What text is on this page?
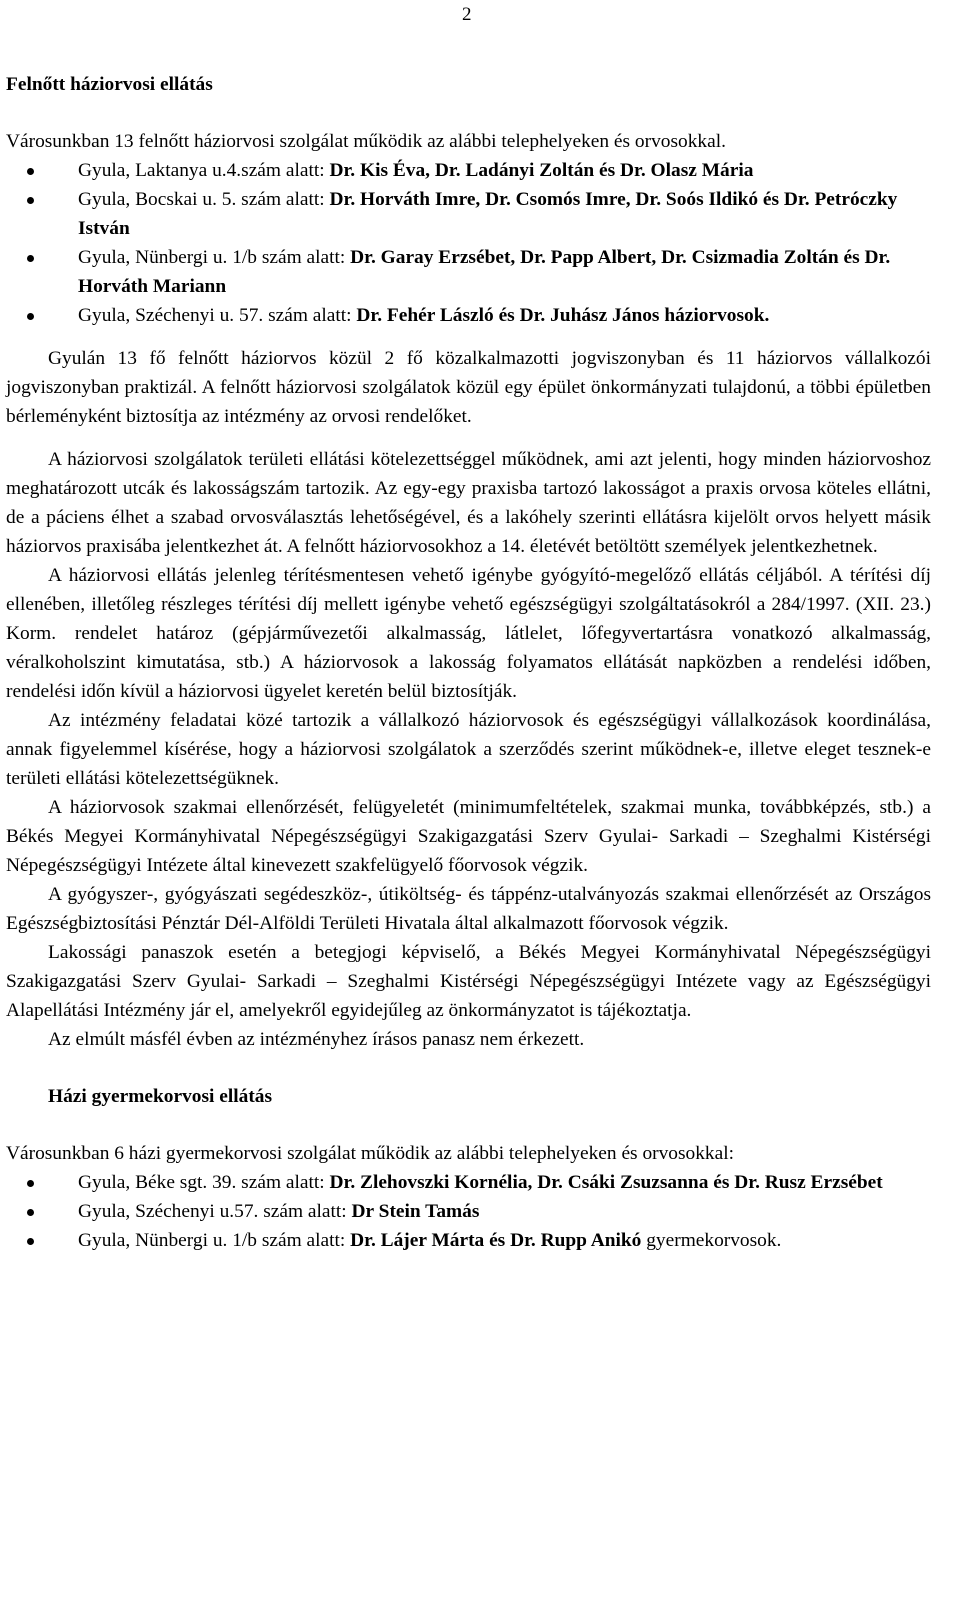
2
Felnőtt háziorvosi ellátás

Városunkban 13 felnőtt háziorvosi szolgálat működik az alábbi telephelyeken és orvosokkal.

Gyula, Laktanya u.4.szám alatt: Dr. Kis Éva, Dr. Ladányi Zoltán és Dr. Olasz Mária
Gyula, Bocskai u. 5. szám alatt: Dr. Horváth Imre, Dr. Csomós Imre, Dr. Soós Ildikó és Dr. Petróczky István
Gyula, Nünbergi u. 1/b szám alatt: Dr. Garay Erzsébet, Dr. Papp Albert, Dr. Csizmadia Zoltán és Dr. Horváth Mariann
Gyula, Széchenyi u. 57. szám alatt: Dr. Fehér László és Dr. Juhász János háziorvosok.

Gyulán 13 fő felnőtt háziorvos közül 2 fő közalkalmazotti jogviszonyban és 11 háziorvos vállalkozói jogviszonyban praktizál. A felnőtt háziorvosi szolgálatok közül egy épület önkormányzati tulajdonú, a többi épületben bérleményként biztosítja az intézmény az orvosi rendelőket.

A háziorvosi szolgálatok területi ellátási kötelezettséggel működnek, ami azt jelenti, hogy minden háziorvoshoz meghatározott utcák és lakosságszám tartozik. Az egy-egy praxisba tartozó lakosságot a praxis orvosa köteles ellátni, de a páciens élhet a szabad orvosválasztás lehetőségével, és a lakóhely szerinti ellátásra kijelölt orvos helyett másik háziorvos praxisába jelentkezhet át. A felnőtt háziorvosokhoz a 14. életévét betöltött személyek jelentkezhetnek.

A háziorvosi ellátás jelenleg térítésmentesen vehető igénybe gyógyító-megelőző ellátás céljából. A térítési díj ellenében, illetőleg részleges térítési díj mellett igénybe vehető egészségügyi szolgáltatásokról a 284/1997. (XII. 23.) Korm. rendelet határoz (gépjárművezetői alkalmasság, látlelet, lőfegyvertartásra vonatkozó alkalmasság, véralkoholszint kimutatása, stb.) A háziorvosok a lakosság folyamatos ellátását napközben a rendelési időben, rendelési időn kívül a háziorvosi ügyelet keretén belül biztosítják.

Az intézmény feladatai közé tartozik a vállalkozó háziorvosok és egészségügyi vállalkozások koordinálása, annak figyelemmel kísérése, hogy a háziorvosi szolgálatok a szerződés szerint működnek-e, illetve eleget tesznek-e területi ellátási kötelezettségüknek.

A háziorvosok szakmai ellenőrzését, felügyeletét (minimumfeltételek, szakmai munka, továbbképzés, stb.) a Békés Megyei Kormányhivatal Népegészségügyi Szakigazgatási Szerv Gyulai- Sarkadi – Szeghalmi Kistérségi Népegészségügyi Intézete által kinevezett szakfelügyelő főorvosok végzik.

A gyógyszer-, gyógyászati segédeszköz-, útiköltség- és táppénz-utalványozás szakmai ellenőrzését az Országos Egészségbiztosítási Pénztár Dél-Alföldi Területi Hivatala által alkalmazott főorvosok végzik.

Lakossági panaszok esetén a betegjogi képviselő, a Békés Megyei Kormányhivatal Népegészségügyi Szakigazgatási Szerv Gyulai- Sarkadi – Szeghalmi Kistérségi Népegészségügyi Intézete vagy az Egészségügyi Alapellátási Intézmény jár el, amelyekről egyidejűleg az önkormányzatot is tájékoztatja.

Az elmúlt másfél évben az intézményhez írásos panasz nem érkezett.

Házi gyermekorvosi ellátás

Városunkban 6 házi gyermekorvosi szolgálat működik az alábbi telephelyeken és orvosokkal:

Gyula, Béke sgt. 39. szám alatt: Dr. Zlehovszki Kornélia, Dr. Csáki Zsuzsanna és Dr. Rusz Erzsébet
Gyula, Széchenyi u.57. szám alatt: Dr Stein Tamás
Gyula, Nünbergi u. 1/b szám alatt: Dr. Lájer Márta és Dr. Rupp Anikó gyermekorvosok.
